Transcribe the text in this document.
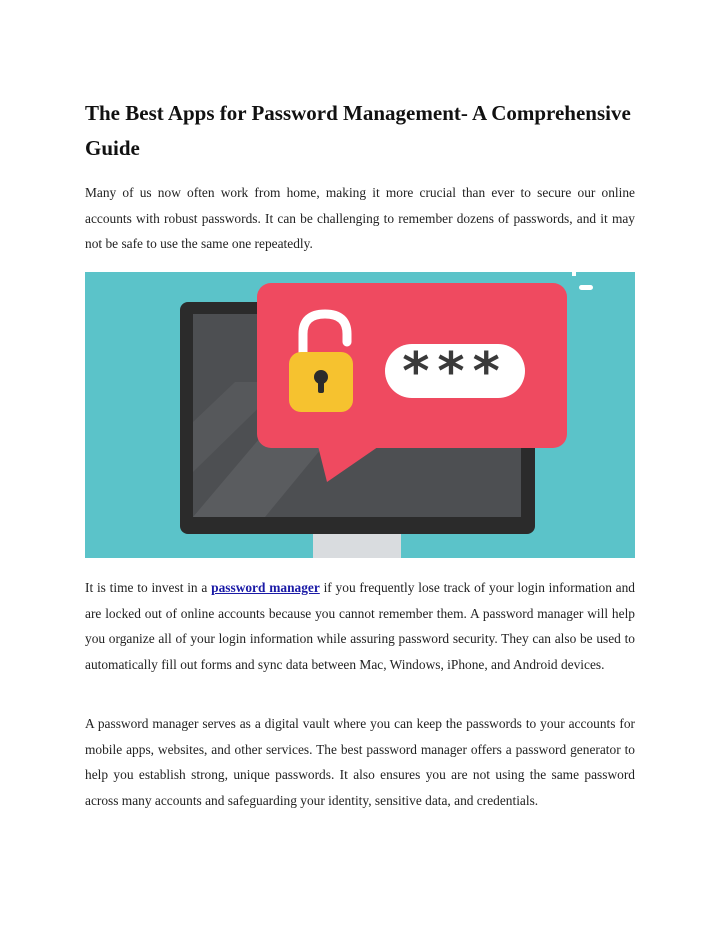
The Best Apps for Password Management- A Comprehensive Guide

Many of us now often work from home, making it more crucial than ever to secure our online accounts with robust passwords. It can be challenging to remember dozens of passwords, and it may not be safe to use the same one repeatedly.

***

It is time to invest in a password manager if you frequently lose track of your login information and are locked out of online accounts because you cannot remember them. A password manager will help you organize all of your login information while assuring password security. They can also be used to automatically fill out forms and sync data between Mac, Windows, iPhone, and Android devices.

A password manager serves as a digital vault where you can keep the passwords to your accounts for mobile apps, websites, and other services. The best password manager offers a password generator to help you establish strong, unique passwords. It also ensures you are not using the same password across many accounts and safeguarding your identity, sensitive data, and credentials.
